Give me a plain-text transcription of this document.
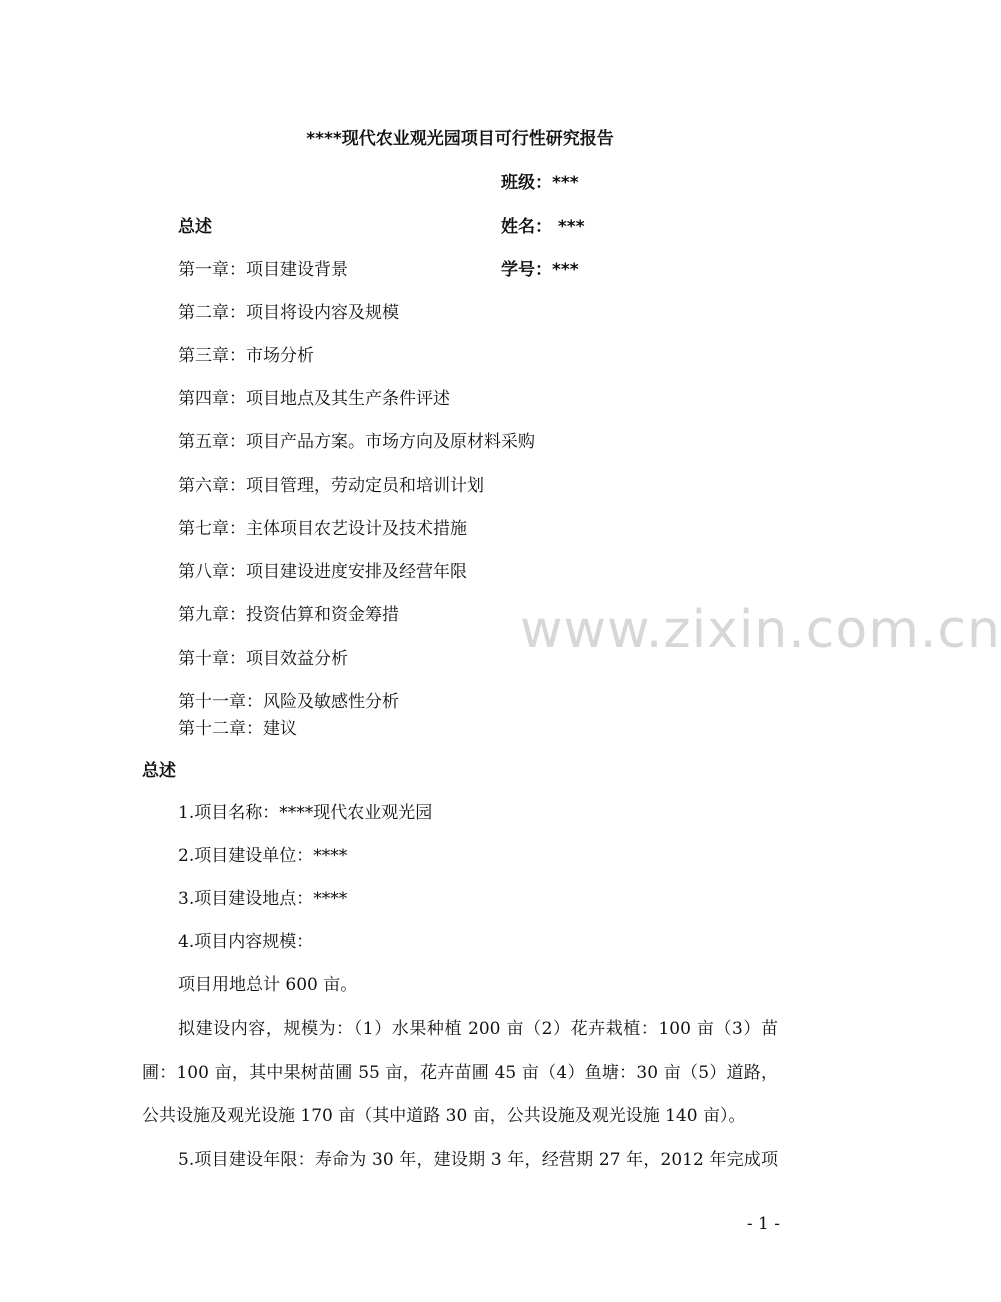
www.zixin.com.cn
****现代农业观光园项目可行性研究报告
班级：***
总述	姓名： ***
学号：***
第一章：项目建设背景
第二章：项目将设内容及规模
第三章：市场分析
第四章：项目地点及其生产条件评述
第五章：项目产品方案。市场方向及原材料采购
第六章：项目管理，劳动定员和培训计划
第七章：主体项目农艺设计及技术措施
第八章：项目建设进度安排及经营年限
第九章：投资估算和资金筹措
第十章：项目效益分析
第十一章：风险及敏感性分析
第十二章：建议
总述
1.项目名称：****现代农业观光园
2.项目建设单位：****
3.项目建设地点：****
4.项目内容规模：
项目用地总计 600 亩。
拟建设内容，规模为：（1）水果种植 200 亩（2）花卉栽植：100 亩（3）苗
圃：100 亩，其中果树苗圃 55 亩，花卉苗圃 45 亩（4）鱼塘：30 亩（5）道路，
公共设施及观光设施 170 亩（其中道路 30 亩，公共设施及观光设施 140 亩）。
5.项目建设年限：寿命为 30 年，建设期 3 年，经营期 27 年，2012 年完成项
- 1 -
